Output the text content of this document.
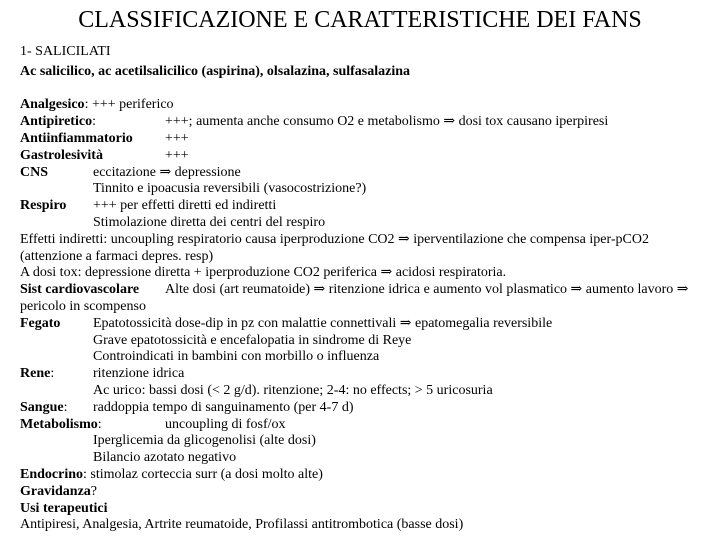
CLASSIFICAZIONE E CARATTERISTICHE DEI FANS
1- SALICILATI
Ac salicilico, ac acetilsalicilico (aspirina), olsalazina, sulfasalazina
Analgesico: +++ periferico
Antipiretico:	+++; aumenta anche consumo O2 e metabolismo ⇒ dosi tox causano iperpiresi
Antiinfiammatorio +++
Gastrolesività	+++
CNS	eccitazione ⇒ depressione
Tinnito e ipoacusia reversibili (vasocostrizione?)
Respiro +++ per effetti diretti ed indiretti
Stimolazione diretta dei centri del respiro
Effetti indiretti: uncoupling respiratorio causa iperproduzione CO2 ⇒ iperventilazione che compensa iper-pCO2
(attenzione a farmaci depres. resp)
A dosi tox: depressione diretta + iperproduzione CO2 periferica ⇒ acidosi respiratoria.
Sist cardiovascolare Alte dosi (art reumatoide) ⇒ ritenzione idrica e aumento vol plasmatico ⇒ aumento lavoro ⇒
pericolo in scompenso
Fegato Epatotossicità dose-dip in pz con malattie connettivali ⇒ epatomegalia reversibile
Grave epatotossicità e encefalopatia in sindrome di Reye
Controindicati in bambini con morbillo o influenza
Rene:	ritenzione idrica
Ac urico: bassi dosi (< 2 g/d). ritenzione; 2-4: no effects; > 5 uricosuria
Sangue: raddoppia tempo di sanguinamento (per 4-7 d)
Metabolismo:	uncoupling di fosf/ox
Iperglicemia da glicogenolisi (alte dosi)
Bilancio azotato negativo
Endocrino: stimolaz corteccia surr (a dosi molto alte)
Gravidanza?
Usi terapeutici
Antipiresi, Analgesia, Artrite reumatoide, Profilassi antitrombotica (basse dosi)
